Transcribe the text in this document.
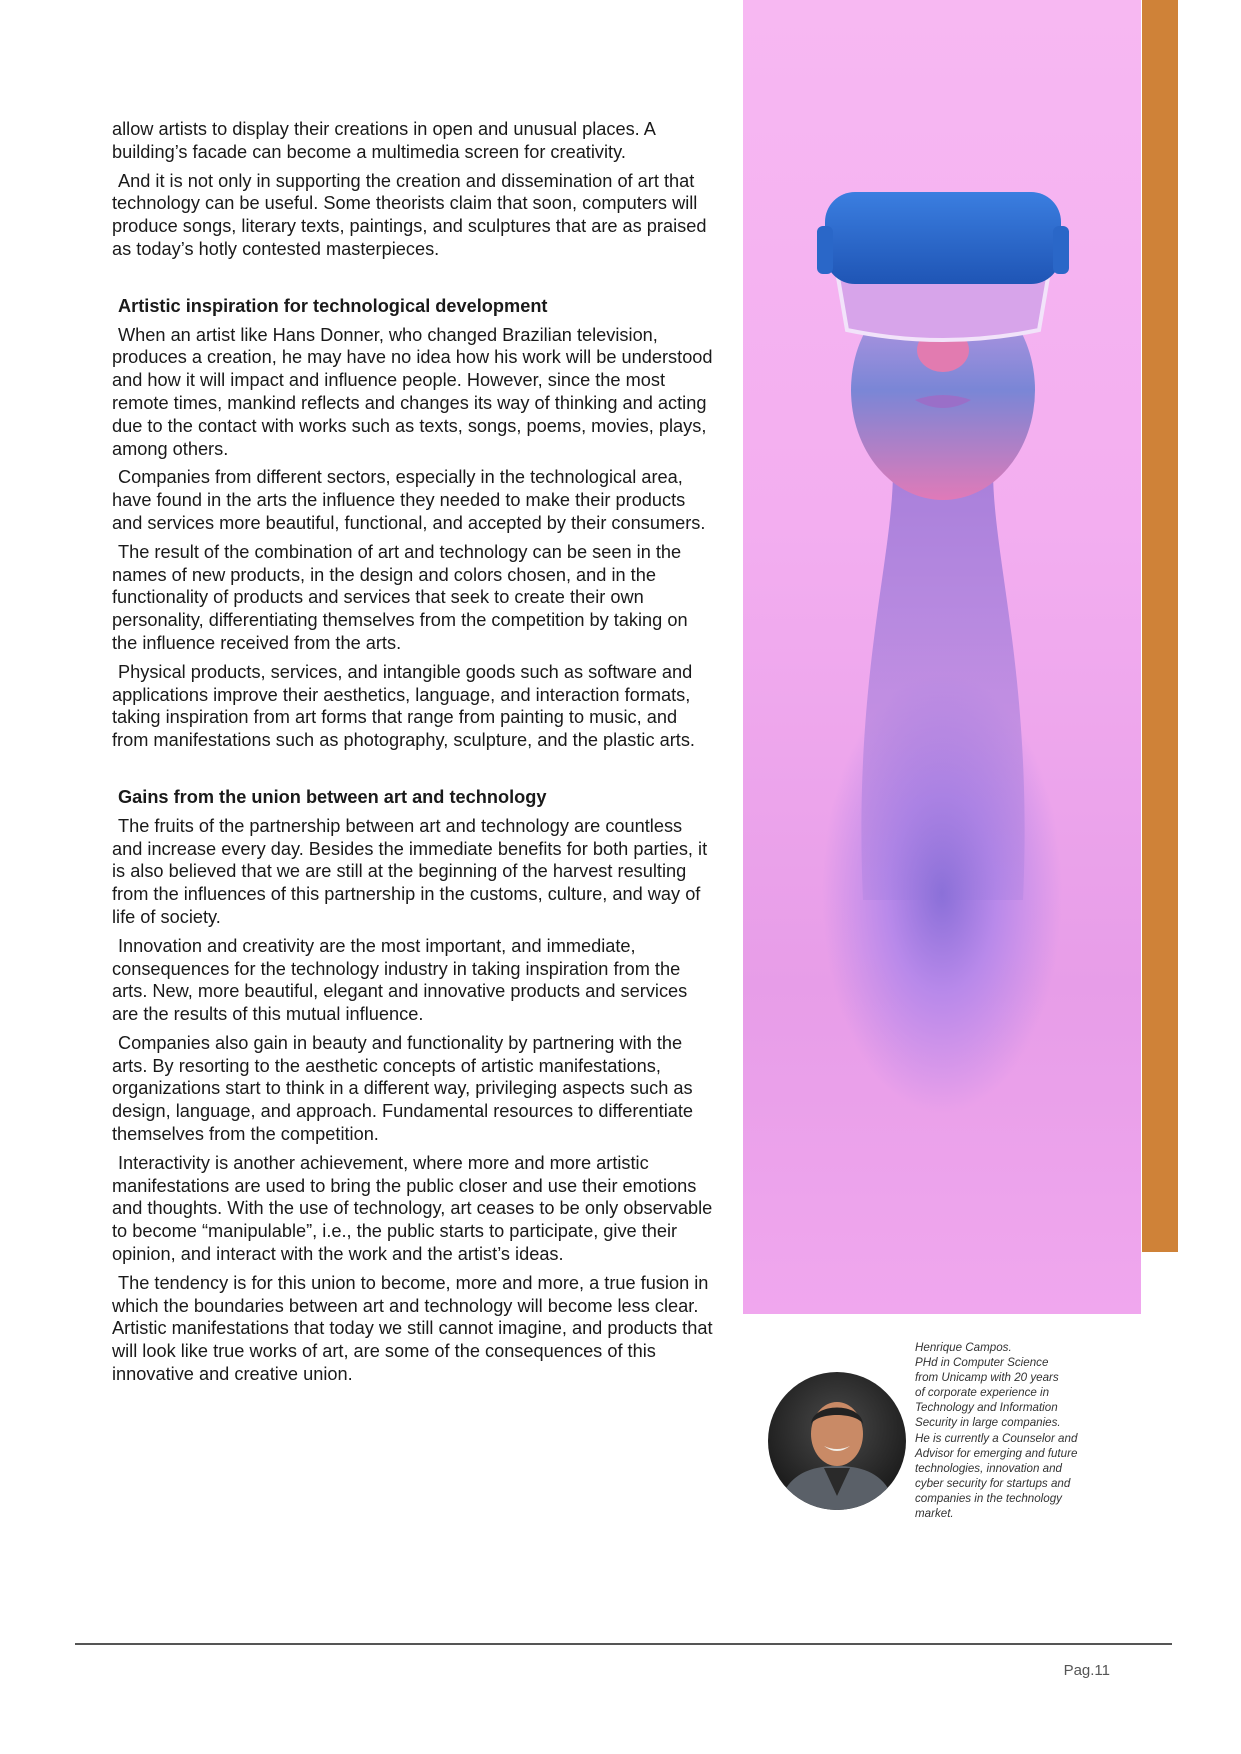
allow artists to display their creations in open and unusual places. A building’s facade can become a multimedia screen for creativity.

And it is not only in supporting the creation and dissemination of art that technology can be useful. Some theorists claim that soon, computers will produce songs, literary texts, paintings, and sculptures that are as praised as today’s hotly contested masterpieces.

Artistic inspiration for technological development

When an artist like Hans Donner, who changed Brazilian television, produces a creation, he may have no idea how his work will be understood and how it will impact and influence people. However, since the most remote times, mankind reflects and changes its way of thinking and acting due to the contact with works such as texts, songs, poems, movies, plays, among others.

Companies from different sectors, especially in the technological area, have found in the arts the influence they needed to make their products and services more beautiful, functional, and accepted by their consumers.

The result of the combination of art and technology can be seen in the names of new products, in the design and colors chosen, and in the functionality of products and services that seek to create their own personality, differentiating themselves from the competition by taking on the influence received from the arts.

Physical products, services, and intangible goods such as software and applications improve their aesthetics, language, and interaction formats, taking inspiration from art forms that range from painting to music, and from manifestations such as photography, sculpture, and the plastic arts.

Gains from the union between art and technology

The fruits of the partnership between art and technology are countless and increase every day. Besides the immediate benefits for both parties, it is also believed that we are still at the beginning of the harvest resulting from the influences of this partnership in the customs, culture, and way of life of society.

Innovation and creativity are the most important, and immediate, consequences for the technology industry in taking inspiration from the arts. New, more beautiful, elegant and innovative products and services are the results of this mutual influence.

Companies also gain in beauty and functionality by partnering with the arts. By resorting to the aesthetic concepts of artistic manifestations, organizations start to think in a different way, privileging aspects such as design, language, and approach. Fundamental resources to differentiate themselves from the competition.

Interactivity is another achievement, where more and more artistic manifestations are used to bring the public closer and use their emotions and thoughts. With the use of technology, art ceases to be only observable to become “manipulable”, i.e., the public starts to participate, give their opinion, and interact with the work and the artist’s ideas.

The tendency is for this union to become, more and more, a true fusion in which the boundaries between art and technology will become less clear. Artistic manifestations that today we still cannot imagine, and products that will look like true works of art, are some of the consequences of this innovative and creative union.

Henrique Campos.
PHd in Computer Science
from Unicamp with 20 years
of corporate experience in
Technology and Information
Security in large companies.
He is currently a Counselor and
Advisor for emerging and future
technologies, innovation and
cyber security for startups and
companies in the technology
market.
Pag.11
